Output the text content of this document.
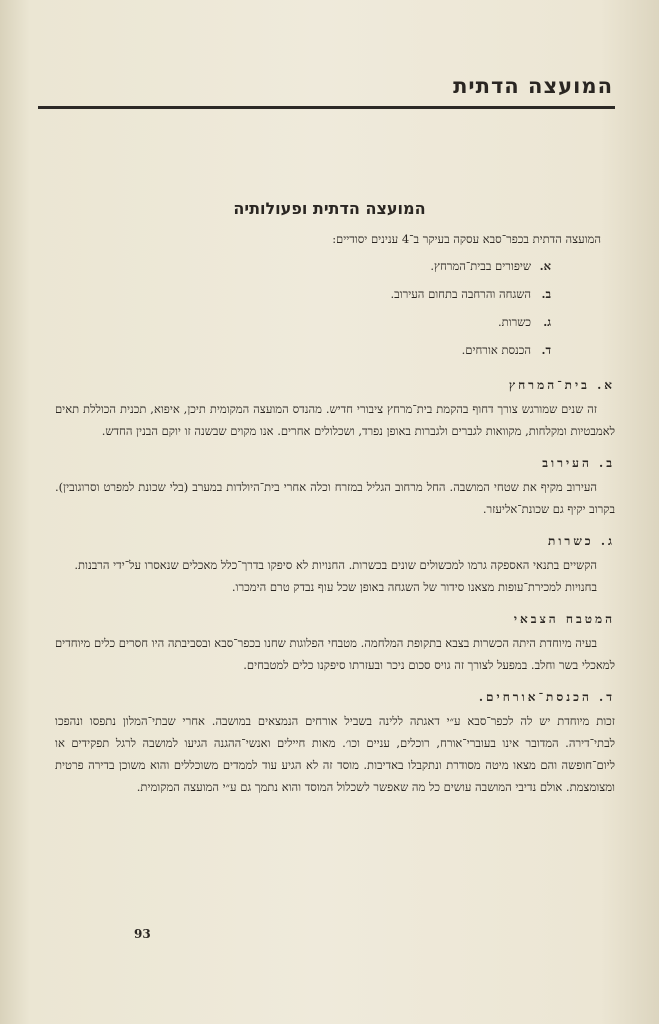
המועצה הדתית
המועצה הדתית ופעולותיה

המועצה הדתית בכפר־סבא עסקה בעיקר ב־4 ענינים יסודיים:

א.
שיפורים בבית־המרחץ.
ב.
השגחה והרחבה בתחום העירוב.
ג.
כשרות.
ד.
הכנסת אורחים.
א. בית־המרחץ

זה שנים שמורגש צורך דחוף בהקמת בית־מרחץ ציבורי חדיש. מהנדס המועצה המקומית תיכן, איפוא, תכנית הכוללת תאים לאמבטיות ומקלחות, מקוואות לגברים ולגברות באופן נפרד, ושכלולים אחרים. אנו מקוים שבשנה זו יוקם הבנין החדש.

ב. העירוב

העירוב מקיף את שטחי המושבה. החל מרחוב הגליל במזרח וכלה אחרי בית־היולדות במערב (בלי שכונת למפרט וסרוגובין). בקרוב יקיף גם שכונת־אליעזר.

ג. כשרות

הקשיים בתנאי האספקה גרמו למכשולים שונים בכשרות. החנויות לא סיפקו בדרך־כלל מאכלים שנאסרו על־ידי הרבנות.

בחנויות למכירת־עופות מצאנו סידור של השגחה באופן שכל עוף נבדק טרם הימכרו.

המטבח הצבאי

בעיה מיוחדת היתה הכשרות בצבא בתקופת המלחמה. מטבחי הפלוגות שחנו בכפר־סבא ובסביבתה היו חסרים כלים מיוחדים למאכלי בשר וחלב. במפעל לצורך זה גויס סכום ניכר ובעזרתו סיפקנו כלים למטבחים.

ד. הכנסת־אורחים.

זכות מיוחדת יש לה לכפר־סבא ע״י דאגתה ללינה בשביל אורחים הנמצאים במושבה. אחרי שבתי־המלון נתפסו ונהפכו לבתי־דירה. המדובר אינו בעוברי־אורח, רוכלים, עניים וכו׳. מאות חיילים ואנשי־ההגנה הגיעו למושבה לרגל תפקידים או ליום־חופשה והם מצאו מיטה מסודרת ונתקבלו באדיבות. מוסד זה לא הגיע עוד לממדים משוכללים והוא משוכן בדירה פרטית ומצומצמת. אולם נדיבי המושבה עושים כל מה שאפשר לשכלול המוסד והוא נתמך גם ע״י המועצה המקומית.

93
